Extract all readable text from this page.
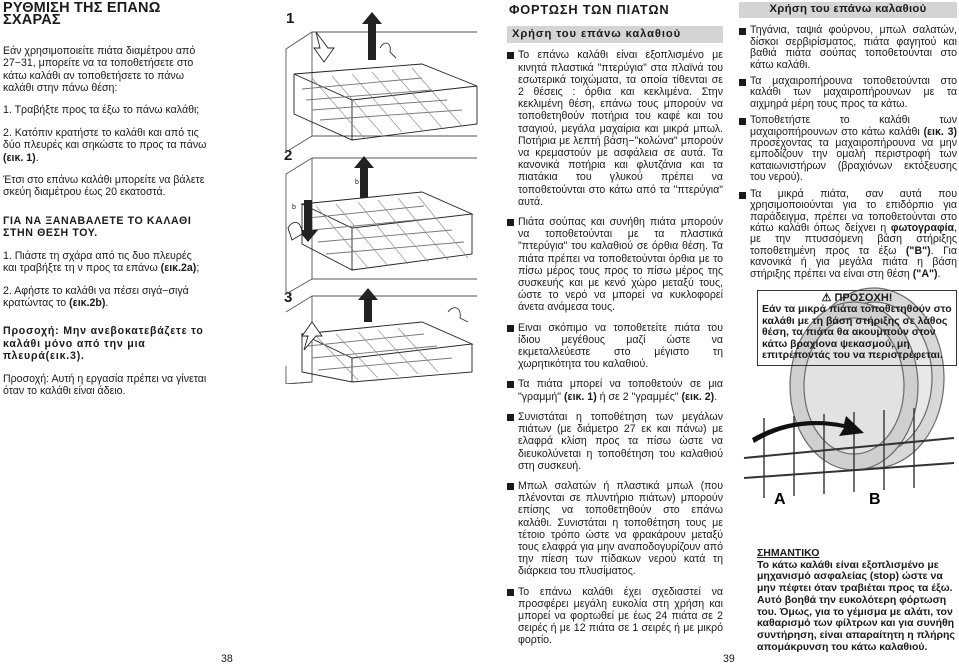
ΡΥΘΜΙΣΗ ΤΗΣ ΕΠΑΝΩ ΣΧΑΡΑΣ

Εάν χρησιμοποιείτε πιάτα διαμέτρου από 27−31, μπορείτε να τα τοποθετήσετε στο κάτω καλάθι αν τοποθετήσετε το πάνω καλάθι στην πάνω θέση:

1. Τραβήξτε προς τα έξω το πάνω καλάθι;

2. Κατόπιν κρατήστε το καλάθι και από τις δύο πλευρές και σηκώστε το προς τα πάνω (εικ. 1).

Έτσι στο επάνω καλάθι μπορείτε να βάλετε σκεύη διαμέτρου έως 20 εκατοστά.

ΓΙΑ ΝΑ ΞΑΝΑΒΑΛΕΤΕ ΤΟ ΚΑΛΑΘΙ ΣΤΗΝ ΘΕΣΗ ΤΟΥ.

1. Πιάστε τη σχάρα από τις δυο πλευρές και τραβήξτε τη ν προς τα επάνω (εικ.2a);

2. Αφήστε το καλάθι να πέσει σιγά−σιγά κρατώντας το (εικ.2b).

Προσοχή: Μην ανεβοκατεβάζετε το καλάθι μόνο από την μια πλευρά(εικ.3).

Προσοχή: Αυτή η εργασία πρέπει να γίνεται όταν το καλάθι είναι άδειο.

1
2
3
a
b
b
ΦΟΡΤΩΣΗ ΤΩΝ ΠΙΑΤΩΝ
Χρήση του επάνω καλαθιού

Το επάνω καλάθι είναι εξοπλισμένο με κινητά πλαστικά "πτερύγια" στα πλαϊνά του εσωτερικά τοιχώματα, τα οποία τίθενται σε 2 θέσεις : όρθια και κεκλιμένα. Στην κεκλιμένη θέση, επάνω τους μπορούν να τοποθετηθούν ποτήρια του καφέ και του τσαγιού, μεγάλα μαχαίρια και μικρά μπωλ. Ποτήρια με λεπτή βάση−"κολώνα" μπορούν να κρεμαστούν με ασφάλεια σε αυτά. Τα κανονικά ποτήρια και φλυτζάνια και τα πιατάκια του γλυκού πρέπει να τοποθετούνται στο κάτω από τα "πτερύγια" αυτά.

Πιάτα σούπας και συνήθη πιάτα μπορούν να τοποθετούνται με τα πλαστικά "πτερύγια" του καλαθιού σε όρθια θέση. Τα πιάτα πρέπει να τοποθετούνται όρθια με το πίσω μέρος τους προς το πίσω μέρος της συσκευής και με κενό χώρο μεταξύ τους, ώστε το νερό να μπορεί να κυκλοφορεί άνετα ανάμεσα τους.

Eιναι σκόπιμο να τοποθετείτε πιάτα του ίδιου μεγέθους μαζί ώστε να εκμεταλλεύεστε στο μέγιστο τη χωρητικότητα του καλαθιού.

Τα πιάτα μπορεί να τοποθετούν σε μια "γραμμή" (εικ. 1) ή σε 2 "γραμμές" (εικ. 2).

Συνιστάται η τοποθέτηση των μεγάλων πιάτων (με διάμετρο 27 εκ και πάνω) με ελαφρά κλίση προς τα πίσω ώστε να διευκολύνεται η τοποθέτηση του καλαθιού στη συσκευή.

Μπωλ σαλατών ή πλαστικά μπωλ (που πλένονται σε πλυντήριο πιάτων) μπορούν επίσης να τοποθετηθούν στο επάνω καλάθι. Συνιστάται η τοποθέτηση τους με τέτοιο τρόπο ώστε να φρακάρουν μεταξύ τους ελαφρά για μην αναποδογυρίζουν από την πίεση των πίδακων νερού κατά τη διάρκεια του πλυσίματος.

Το επάνω καλάθι έχει σχεδιαστεί να προσφέρει μεγάλη ευκολία στη χρήση και μπορεί να φορτωθεί με έως 24 πιάτα σε 2 σειρές ή με 12 πιάτα σε 1 σειρές ή με μικρό φορτίο.

A	B
Χρήση του επάνω καλαθιού

Τηγάνια, ταψιά φούρνου, μπωλ σαλατών, δίσκοι σερβιρίσματος, πιάτα φαγητού και βαθιά πιάτα σούπας τοποθετούνται στο κάτω καλάθι.

Τα μαχαιροπήρουνα τοποθετούνται στο καλάθι των μαχαιροπήρουνων με τα αιχμηρά μέρη τους προς τα κάτω.

Τοποθετήστε το καλάθι των μαχαιροπήρουνων στο κάτω καλάθι (εικ. 3) προσέχοντας τα μαχαιροπήρουνα να μην εμποδίζουν την ομαλή περιστροφή των καταιωνιστήρων (βραχιόνων εκτόξευσης του νερού).

Τα μικρά πιάτα, σαν αυτά που χρησιμοποιούνται για το επιδόρπιο για παράδειγμα, πρέπει να τοποθετούνται στο κάτω καλάθι όπως δείχνει η φωτογραφία, με την πτυσσόμενη βάση στήριξης τοποθετημένη προς τα έξω ("B"). Για κανονικά ή για μεγάλα πιάτα η βάση στήριξης πρέπει να είναι στη θέση ("A").

⚠ ΠΡΟΣΟΧΗ!
Εάν τα μικρά πιάτα τοποθετηθούν στο καλάθι με τη βάση στήριξης σε λάθος θέση, τα πιάτα θα ακουμπούν στον κάτω βραχίονα ψεκασμού, μη επιτρέποντάς του να περιστρέφεται.
ΣΗΜΑΝΤΙΚΟ
Το κάτω καλάθι είναι εξοπλισμένο με μηχανισμό ασφαλείας (stop) ώστε να μην πέφτει όταν τραβιέται προς τα έξω. Αυτό βοηθά την ευκολότερη φόρτωση του. Όμως, για το γέμισμα με αλάτι, τον καθαρισμό των φίλτρων και για συνήθη συντήρηση, είναι απαραίτητη η πλήρης απομάκρυνση του κάτω καλαθιού.
38	39
